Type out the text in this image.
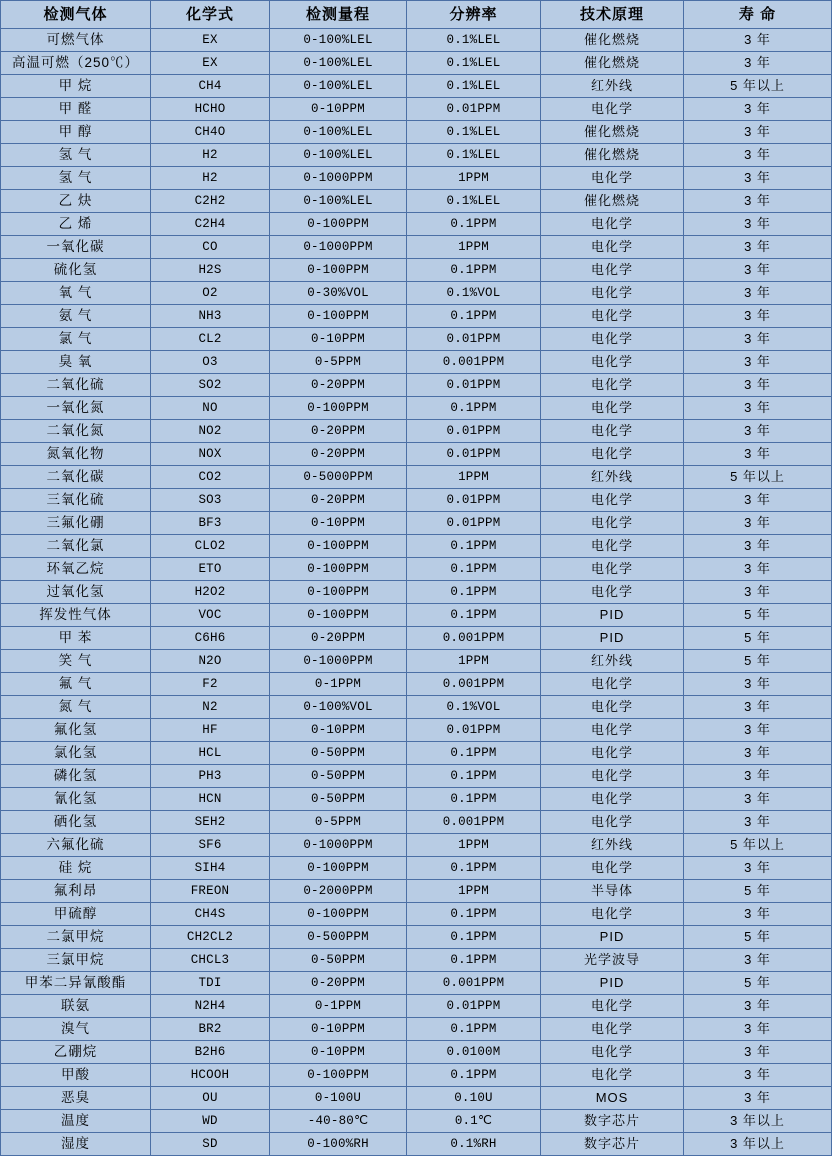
检测气体	化学式	检测量程	分辨率	技术原理	寿 命
可燃气体	EX	0-100%LEL	0.1%LEL	催化燃烧	3 年
高温可燃（250℃）	EX	0-100%LEL	0.1%LEL	催化燃烧	3 年
甲 烷	CH4	0-100%LEL	0.1%LEL	红外线	5 年以上
甲 醛	HCHO	0-10PPM	0.01PPM	电化学	3 年
甲 醇	CH4O	0-100%LEL	0.1%LEL	催化燃烧	3 年
氢 气	H2	0-100%LEL	0.1%LEL	催化燃烧	3 年
氢 气	H2	0-1000PPM	1PPM	电化学	3 年
乙 炔	C2H2	0-100%LEL	0.1%LEL	催化燃烧	3 年
乙 烯	C2H4	0-100PPM	0.1PPM	电化学	3 年
一氧化碳	CO	0-1000PPM	1PPM	电化学	3 年
硫化氢	H2S	0-100PPM	0.1PPM	电化学	3 年
氧 气	O2	0-30%VOL	0.1%VOL	电化学	3 年
氨 气	NH3	0-100PPM	0.1PPM	电化学	3 年
氯 气	CL2	0-10PPM	0.01PPM	电化学	3 年
臭 氧	O3	0-5PPM	0.001PPM	电化学	3 年
二氧化硫	SO2	0-20PPM	0.01PPM	电化学	3 年
一氧化氮	NO	0-100PPM	0.1PPM	电化学	3 年
二氧化氮	NO2	0-20PPM	0.01PPM	电化学	3 年
氮氧化物	NOX	0-20PPM	0.01PPM	电化学	3 年
二氧化碳	CO2	0-5000PPM	1PPM	红外线	5 年以上
三氧化硫	SO3	0-20PPM	0.01PPM	电化学	3 年
三氟化硼	BF3	0-10PPM	0.01PPM	电化学	3 年
二氧化氯	CLO2	0-100PPM	0.1PPM	电化学	3 年
环氧乙烷	ETO	0-100PPM	0.1PPM	电化学	3 年
过氧化氢	H2O2	0-100PPM	0.1PPM	电化学	3 年
挥发性气体	VOC	0-100PPM	0.1PPM	PID	5 年
甲 苯	C6H6	0-20PPM	0.001PPM	PID	5 年
笑 气	N2O	0-1000PPM	1PPM	红外线	5 年
氟 气	F2	0-1PPM	0.001PPM	电化学	3 年
氮 气	N2	0-100%VOL	0.1%VOL	电化学	3 年
氟化氢	HF	0-10PPM	0.01PPM	电化学	3 年
氯化氢	HCL	0-50PPM	0.1PPM	电化学	3 年
磷化氢	PH3	0-50PPM	0.1PPM	电化学	3 年
氰化氢	HCN	0-50PPM	0.1PPM	电化学	3 年
硒化氢	SEH2	0-5PPM	0.001PPM	电化学	3 年
六氟化硫	SF6	0-1000PPM	1PPM	红外线	5 年以上
硅 烷	SIH4	0-100PPM	0.1PPM	电化学	3 年
氟利昂	FREON	0-2000PPM	1PPM	半导体	5 年
甲硫醇	CH4S	0-100PPM	0.1PPM	电化学	3 年
二氯甲烷	CH2CL2	0-500PPM	0.1PPM	PID	5 年
三氯甲烷	CHCL3	0-50PPM	0.1PPM	光学波导	3 年
甲苯二异氰酸酯	TDI	0-20PPM	0.001PPM	PID	5 年
联氨	N2H4	0-1PPM	0.01PPM	电化学	3 年
溴气	BR2	0-10PPM	0.1PPM	电化学	3 年
乙硼烷	B2H6	0-10PPM	0.0100M	电化学	3 年
甲酸	HCOOH	0-100PPM	0.1PPM	电化学	3 年
恶臭	OU	0-100U	0.10U	MOS	3 年
温度	WD	-40-80℃	0.1℃	数字芯片	3 年以上
湿度	SD	0-100%RH	0.1%RH	数字芯片	3 年以上
